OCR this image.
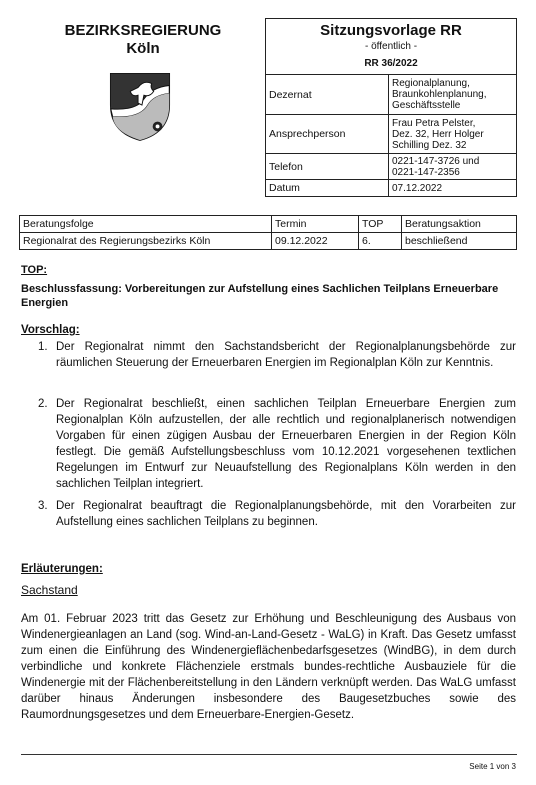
BEZIRKSREGIERUNG
Köln
Sitzungsvorlage RR
- öffentlich -
RR 36/2022	

Dezernat	Regionalplanung,
Braunkohlenplanung,
Geschäftsstelle

Ansprechperson	Frau Petra Pelster,
Dez. 32, Herr Holger
Schilling Dez. 32

Telefon	0221-147-3726 und
0221-147-2356

Datum	07.12.2022
Beratungsfolge	Termin	TOP	Beratungsaktion
Regionalrat des Regierungsbezirks Köln	09.12.2022	6.	beschließend
TOP:
Beschlussfassung: Vorbereitungen zur Aufstellung eines Sachlichen Teilplans Erneuerbare Energien
Vorschlag:
1. Der Regionalrat nimmt den Sachstandsbericht der Regionalplanungsbehörde zur räumlichen Steuerung der Erneuerbaren Energien im Regionalplan Köln zur Kenntnis.
2. Der Regionalrat beschließt, einen sachlichen Teilplan Erneuerbare Energien zum Regionalplan Köln aufzustellen, der alle rechtlich und regionalplanerisch notwendigen Vorgaben für einen zügigen Ausbau der Erneuerbaren Energien in der Region Köln festlegt. Die gemäß Aufstellungsbeschluss vom 10.12.2021 vorgesehenen textlichen Regelungen im Entwurf zur Neuaufstellung des Regionalplans Köln werden in den sachlichen Teilplan integriert.
3. Der Regionalrat beauftragt die Regionalplanungsbehörde, mit den Vorarbeiten zur Aufstellung eines sachlichen Teilplans zu beginnen.
Erläuterungen:
Sachstand
Am 01. Februar 2023 tritt das Gesetz zur Erhöhung und Beschleunigung des Ausbaus von Windenergieanlagen an Land (sog. Wind-an-Land-Gesetz - WaLG) in Kraft. Das Gesetz umfasst zum einen die Einführung des Windenergieflächenbedarfsgesetzes (WindBG), in dem durch verbindliche und konkrete Flächenziele erstmals bundes-rechtliche Ausbauziele für die Windenergie mit der Flächenbereitstellung in den Ländern verknüpft werden. Das WaLG umfasst darüber hinaus Änderungen insbesondere des Baugesetzbuches sowie des Raumordnungsgesetzes und dem Erneuerbare-Energien-Gesetz.
Seite 1 von 3
